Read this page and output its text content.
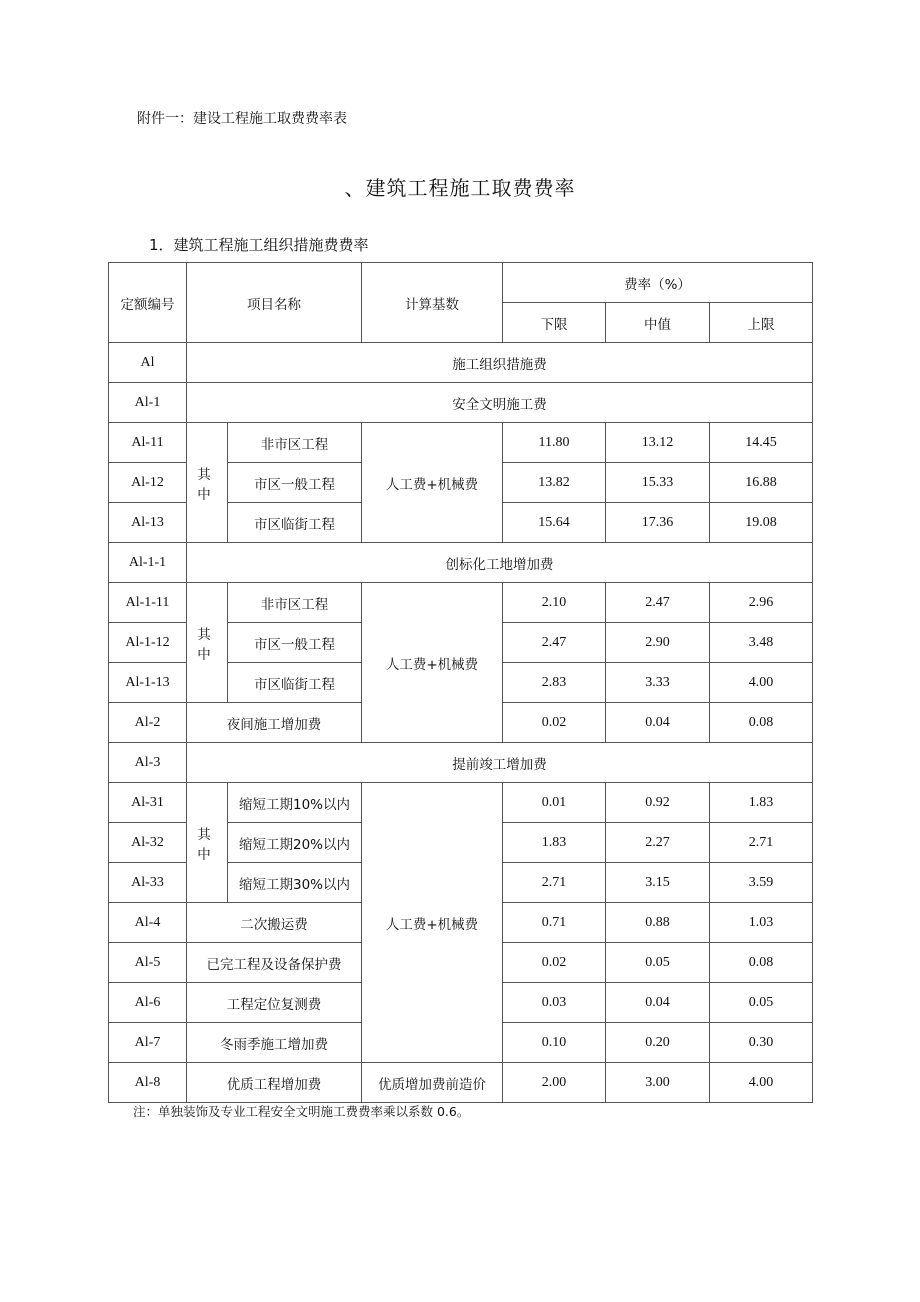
附件一：建设工程施工取费费率表
、建筑工程施工取费费率
1．建筑工程施工组织措施费费率
定额编号	项目名称		计算基数	费率（%）		
				下限	中值	上限
Al	施工组织措施费					
Al-1	安全文明施工费					
Al-11	其 中	非市区工程	人工费+机械费	11.80	13.12	14.45
Al-12		市区一般工程		13.82	15.33	16.88
Al-13		市区临街工程		15.64	17.36	19.08
Al-1-1	创标化工地增加费					
Al-1-11	其 中	非市区工程	人工费+机械费	2.10	2.47	2.96
Al-1-12		市区一般工程		2.47	2.90	3.48
Al-1-13		市区临街工程		2.83	3.33	4.00
Al-2	夜间施工增加费			0.02	0.04	0.08
Al-3	提前竣工增加费					
Al-31	其 中	缩短工期10%以内	人工费+机械费	0.01	0.92	1.83
Al-32		缩短工期20%以内		1.83	2.27	2.71
Al-33		缩短工期30%以内		2.71	3.15	3.59
Al-4	二次搬运费			0.71	0.88	1.03
Al-5	已完工程及设备保护费			0.02	0.05	0.08
Al-6	工程定位复测费			0.03	0.04	0.05
Al-7	冬雨季施工增加费			0.10	0.20	0.30
Al-8	优质工程增加费		优质增加费前造价	2.00	3.00	4.00
注：单独装饰及专业工程安全文明施工费费率乘以系数 0.6。
